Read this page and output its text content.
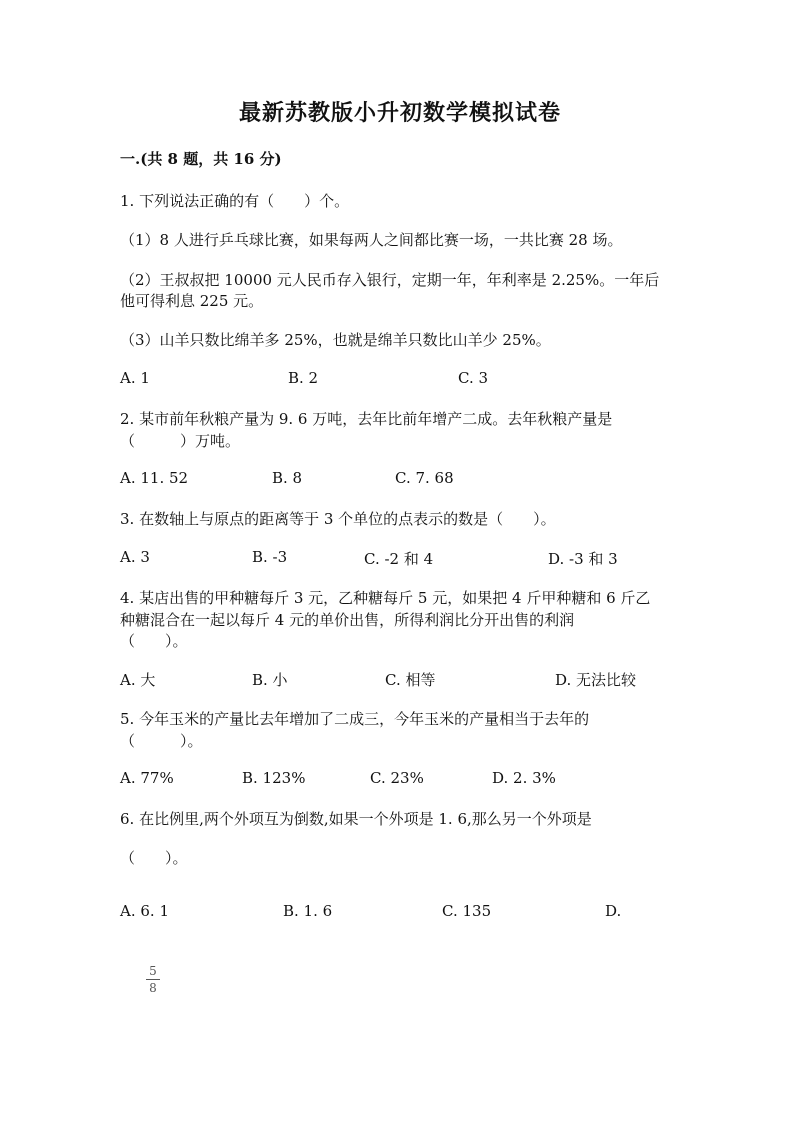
最新苏教版小升初数学模拟试卷
一.(共 8 题，共 16 分)
1. 下列说法正确的有（　　）个。
（1）8 人进行乒乓球比赛，如果每两人之间都比赛一场，一共比赛 28 场。
（2）王叔叔把 10000 元人民币存入银行，定期一年，年利率是 2.25%。一年后
他可得利息 225 元。
（3）山羊只数比绵羊多 25%，也就是绵羊只数比山羊少 25%。
A. 1	B. 2	C. 3
2. 某市前年秋粮产量为 9. 6 万吨，去年比前年增产二成。去年秋粮产量是
（　　　）万吨。
A. 11. 52	B. 8	C. 7. 68
3. 在数轴上与原点的距离等于 3 个单位的点表示的数是（　　）。
A. 3	B. -3	C. -2 和 4	D. -3 和 3
4. 某店出售的甲种糖每斤 3 元，乙种糖每斤 5 元，如果把 4 斤甲种糖和 6 斤乙
种糖混合在一起以每斤 4 元的单价出售，所得利润比分开出售的利润
（　　）。
A. 大	B. 小	C. 相等	D. 无法比较
5. 今年玉米的产量比去年增加了二成三，今年玉米的产量相当于去年的
（　　　）。
A. 77%	B. 123%	C. 23%	D. 2. 3%
6. 在比例里,两个外项互为倒数,如果一个外项是 1. 6,那么另一个外项是
（　　）。
A. 6. 1	B. 1. 6	C. 135	D.
5
8
